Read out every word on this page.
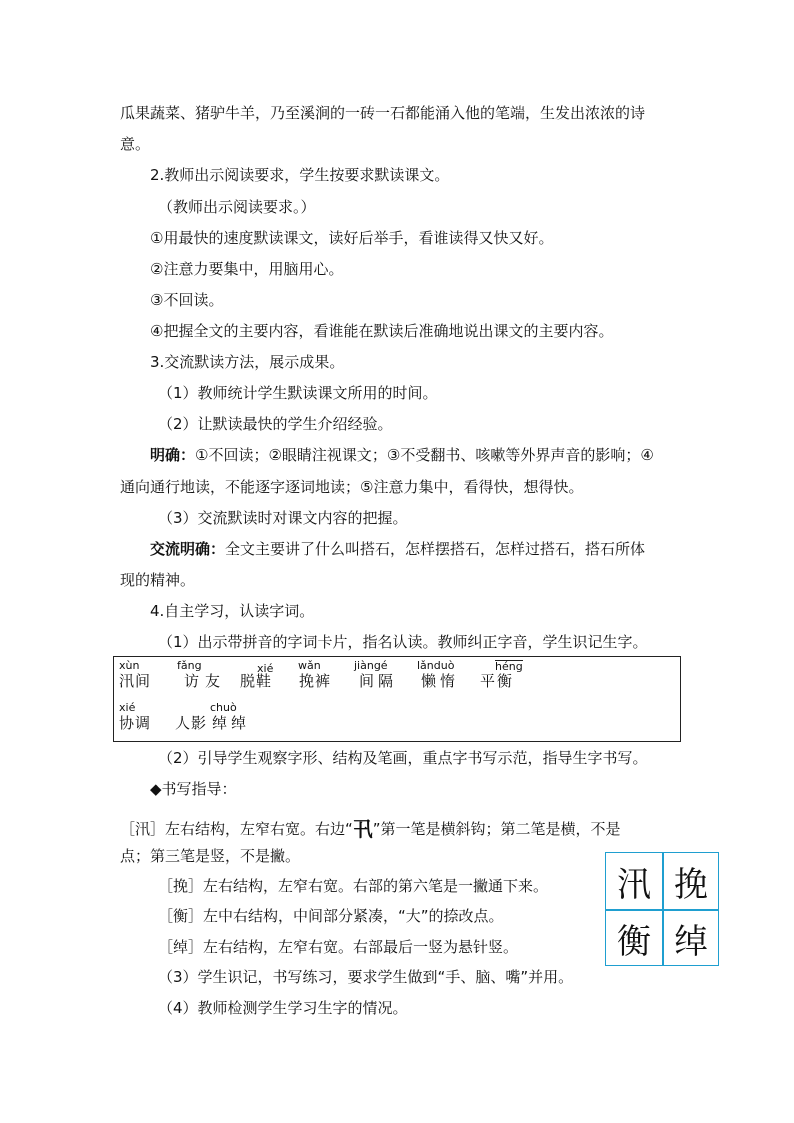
瓜果蔬菜、猪驴牛羊，乃至溪涧的一砖一石都能涌入他的笔端，生发出浓浓的诗
意。
2.教师出示阅读要求，学生按要求默读课文。
（教师出示阅读要求。）
①用最快的速度默读课文，读好后举手，看谁读得又快又好。
②注意力要集中，用脑用心。
③不回读。
④把握全文的主要内容，看谁能在默读后准确地说出课文的主要内容。
3.交流默读方法，展示成果。
（1）教师统计学生默读课文所用的时间。
（2）让默读最快的学生介绍经验。
明确：①不回读；②眼睛注视课文；③不受翻书、咳嗽等外界声音的影响；④
通向通行地读，不能逐字逐词地读；⑤注意力集中，看得快，想得快。
（3）交流默读时对课文内容的把握。
交流明确：全文主要讲了什么叫搭石，怎样摆搭石，怎样过搭石，搭石所体
现的精神。
4.自主学习，认读字词。
（1）出示带拼音的字词卡片，指名认读。教师纠正字音，学生识记生字。
xùn
汛间
fǎng
访友
xié
脱鞋
wǎn
挽裤
jiàngé
间隔
lǎnduò
懒惰
héng
平衡
xié
协调 人影
chuò
绰绰
（2）引导学生观察字形、结构及笔画，重点字书写示范，指导生字书写。
◆书写指导：
［汛］左右结构，左窄右宽。右边“卂”第一笔是横斜钩；第二笔是横，不是
点；第三笔是竖，不是撇。
［挽］左右结构，左窄右宽。右部的第六笔是一撇通下来。
［衡］左中右结构，中间部分紧凑，“大”的捺改点。
［绰］左右结构，左窄右宽。右部最后一竖为悬针竖。
（3）学生识记，书写练习，要求学生做到“手、脑、嘴”并用。
（4）教师检测学生学习生字的情况。
汛 挽
衡 绰
